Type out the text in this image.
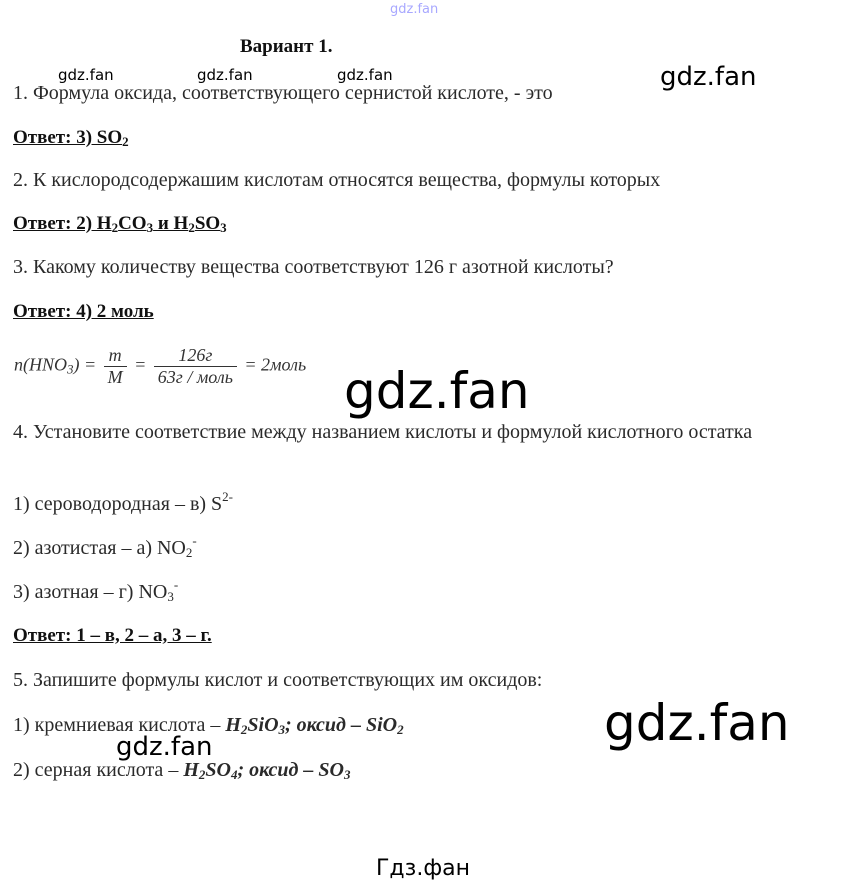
gdz.fan
Вариант 1.
gdz.fan	gdz.fan	gdz.fan	gdz.fan
1. Формула оксида, соответствующего сернистой кислоте, - это
Ответ: 3) $SO_2$
2. К кислородсодержашим кислотам относятся вещества, формулы которых
Ответ: 2) $H_2CO_3$ и $H_2SO_3$
3. Какому количеству вещества соответствуют 126 г азотной кислоты?
Ответ: 4) 2 моль
$n(HNO_3) = \frac{m}{M} = \frac{126г}{\text{63г / моль}}$ = 2моль gdz.fan
4. Установите соответствие между названием кислоты и формулой кислотного остатка
1) сероводородная – в) $S^{2-}$
2) азотистая – а) $NO_2^-$
3) азотная – г) $NO_3^-$
Ответ: 1 – в, 2 – а, 3 – г.
5. Запишите формулы кислот и соответствующих им оксидов:
gdz.fan
1) кремниевая кислота – $H_2SiO_3$; оксид – SiO$_2$
gdz.fan
2) серная кислота – $H_2SO_4$; оксид – $SO_3$
Гдз.фан
